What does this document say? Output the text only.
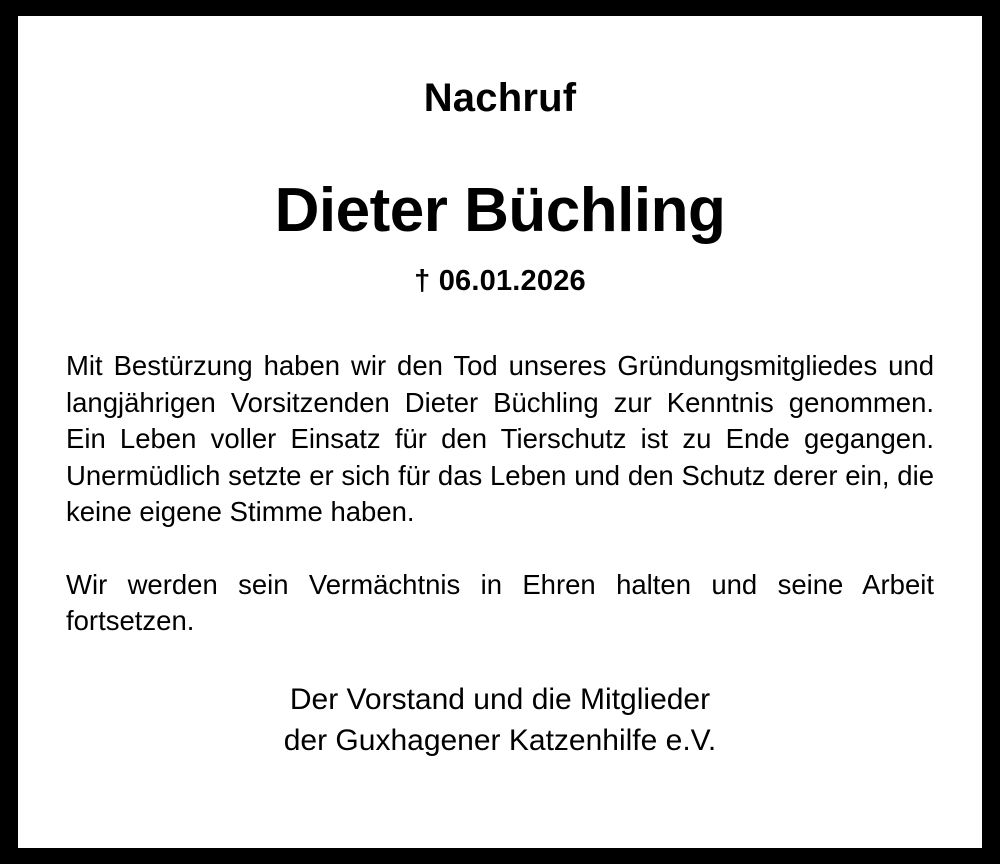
Nachruf
Dieter Büchling
† 06.01.2026

Mit Bestürzung haben wir den Tod unseres Gründungsmitgliedes und langjährigen Vorsitzenden Dieter Büchling zur Kenntnis genommen. Ein Leben voller Einsatz für den Tierschutz ist zu Ende gegangen. Unermüdlich setzte er sich für das Leben und den Schutz derer ein, die keine eigene Stimme haben.

Wir werden sein Vermächtnis in Ehren halten und seine Arbeit fortsetzen.

Der Vorstand und die Mitglieder
der Guxhagener Katzenhilfe e.V.
